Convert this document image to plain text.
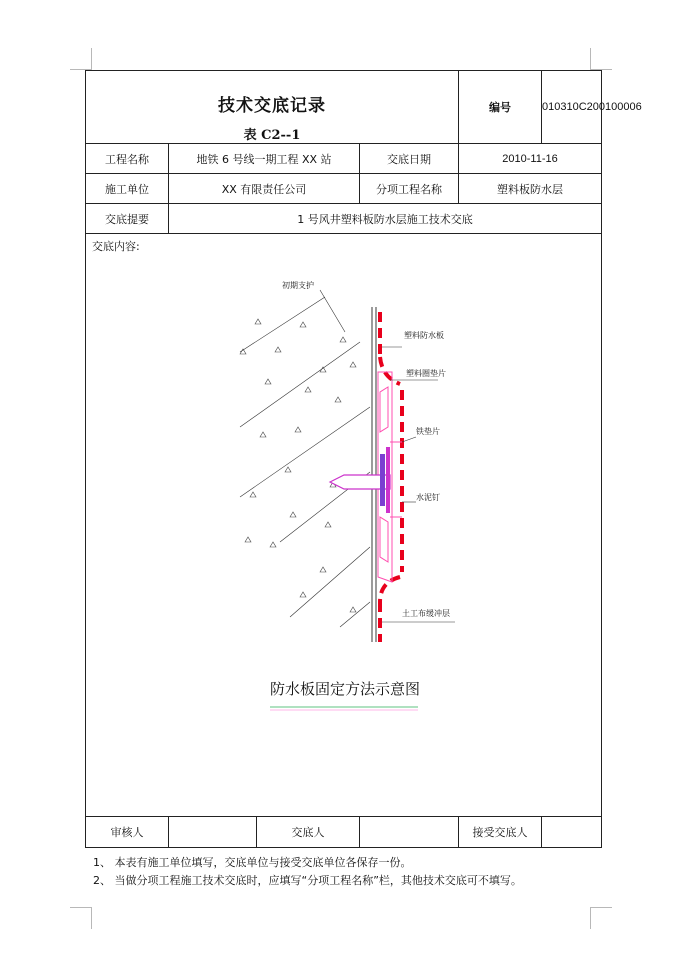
技术交底记录
表 C2--1				编号	010310C200100006
工程名称	地铁 6 号线一期工程 XX 站		交底日期	2010-11-16	
施工单位	XX 有限责任公司		分项工程名称	塑料板防水层	
交底提要	1 号风井塑料板防水层施工技术交底				

交底内容:					

审核人		交底人		接受交底人	
初期支护
塑料防水板
塑料圈垫片
铁垫片
水泥钉
土工布缓冲层
防水板固定方法示意图
1、 本表有施工单位填写，交底单位与接受交底单位各保存一份。
2、 当做分项工程施工技术交底时，应填写“分项工程名称”栏，其他技术交底可不填写。
